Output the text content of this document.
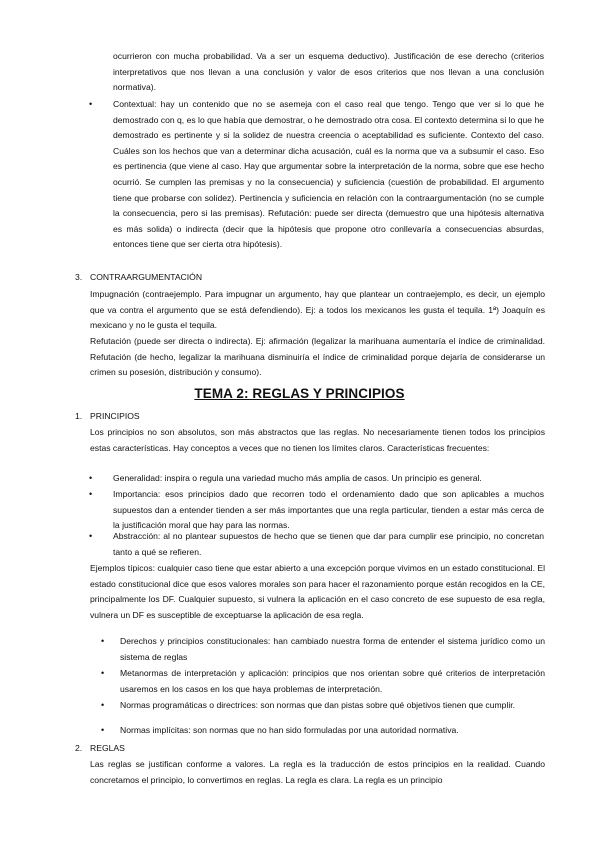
ocurrieron con mucha probabilidad. Va a ser un esquema deductivo). Justificación de ese derecho (criterios interpretativos que nos llevan a una conclusión y valor de esos criterios que nos llevan a una conclusión normativa).

• Contextual: hay un contenido que no se asemeja con el caso real que tengo. Tengo que ver si lo que he demostrado con q, es lo que había que demostrar, o he demostrado otra cosa. El contexto determina si lo que he demostrado es pertinente y si la solidez de nuestra creencia o aceptabilidad es suficiente. Contexto del caso. Cuáles son los hechos que van a determinar dicha acusación, cuál es la norma que va a subsumir el caso. Eso es pertinencia (que viene al caso. Hay que argumentar sobre la interpretación de la norma, sobre que ese hecho ocurrió. Se cumplen las premisas y no la consecuencia) y suficiencia (cuestión de probabilidad. El argumento tiene que probarse con solidez). Pertinencia y suficiencia en relación con la contraargumentación (no se cumple la consecuencia, pero si las premisas). Refutación: puede ser directa (demuestro que una hipótesis alternativa es más solida) o indirecta (decir que la hipótesis que propone otro conllevaría a consecuencias absurdas, entonces tiene que ser cierta otra hipótesis).

3. CONTRAARGUMENTACIÓN

Impugnación (contraejemplo. Para impugnar un argumento, hay que plantear un contraejemplo, es decir, un ejemplo que va contra el argumento que se está defendiendo). Ej: a todos los mexicanos les gusta el tequila. 1ª) Joaquín es mexicano y no le gusta el tequila.

Refutación (puede ser directa o indirecta). Ej: afirmación (legalizar la marihuana aumentaría el índice de criminalidad. Refutación (de hecho, legalizar la marihuana disminuiría el índice de criminalidad porque dejaría de considerarse un crimen su posesión, distribución y consumo).

TEMA 2: REGLAS Y PRINCIPIOS
1. PRINCIPIOS

Los principios no son absolutos, son más abstractos que las reglas. No necesariamente tienen todos los principios estas características. Hay conceptos a veces que no tienen los límites claros. Características frecuentes:

• Generalidad: inspira o regula una variedad mucho más amplia de casos. Un principio es general.

• Importancia: esos principios dado que recorren todo el ordenamiento dado que son aplicables a muchos supuestos dan a entender tienden a ser más importantes que una regla particular, tienden a estar más cerca de la justificación moral que hay para las normas.

• Abstracción: al no plantear supuestos de hecho que se tienen que dar para cumplir ese principio, no concretan tanto a qué se refieren.

Ejemplos típicos: cualquier caso tiene que estar abierto a una excepción porque vivimos en un estado constitucional. El estado constitucional dice que esos valores morales son para hacer el razonamiento porque están recogidos en la CE, principalmente los DF. Cualquier supuesto, si vulnera la aplicación en el caso concreto de ese supuesto de esa regla, vulnera un DF es susceptible de exceptuarse la aplicación de esa regla.

• Derechos y principios constitucionales: han cambiado nuestra forma de entender el sistema jurídico como un sistema de reglas

• Metanormas de interpretación y aplicación: principios que nos orientan sobre qué criterios de interpretación usaremos en los casos en los que haya problemas de interpretación.

• Normas programáticas o directrices: son normas que dan pistas sobre qué objetivos tienen que cumplir.

• Normas implícitas: son normas que no han sido formuladas por una autoridad normativa.

2. REGLAS

Las reglas se justifican conforme a valores. La regla es la traducción de estos principios en la realidad. Cuando concretamos el principio, lo convertimos en reglas. La regla es clara. La regla es un principio
